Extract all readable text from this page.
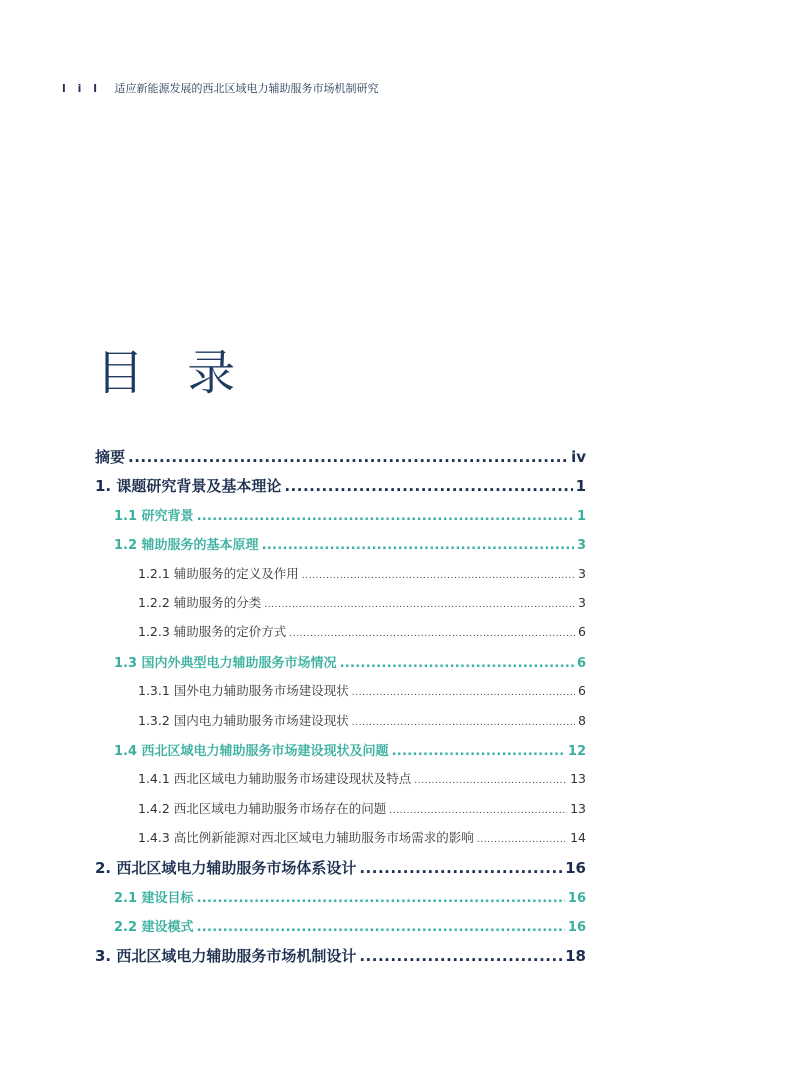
l i l 适应新能源发展的西北区域电力辅助服务市场机制研究
目 录
摘要 .....	iv
1. 课题研究背景及基本理论 .....	1
1.1 研究背景 .....	1
1.2 辅助服务的基本原理 .....	3
1.2.1 辅助服务的定义及作用 .....	3
1.2.2 辅助服务的分类 .....	3
1.2.3 辅助服务的定价方式 .....	6
1.3 国内外典型电力辅助服务市场情况 .....	6
1.3.1 国外电力辅助服务市场建设现状 .....	6
1.3.2 国内电力辅助服务市场建设现状 .....	8
1.4 西北区域电力辅助服务市场建设现状及问题 .....	12
1.4.1 西北区域电力辅助服务市场建设现状及特点 .....	13
1.4.2 西北区域电力辅助服务市场存在的问题 .....	13
1.4.3 高比例新能源对西北区域电力辅助服务市场需求的影响 .....	14
2. 西北区域电力辅助服务市场体系设计 .....	16
2.1 建设目标 .....	16
2.2 建设模式 .....	16
3. 西北区域电力辅助服务市场机制设计 .....	18
